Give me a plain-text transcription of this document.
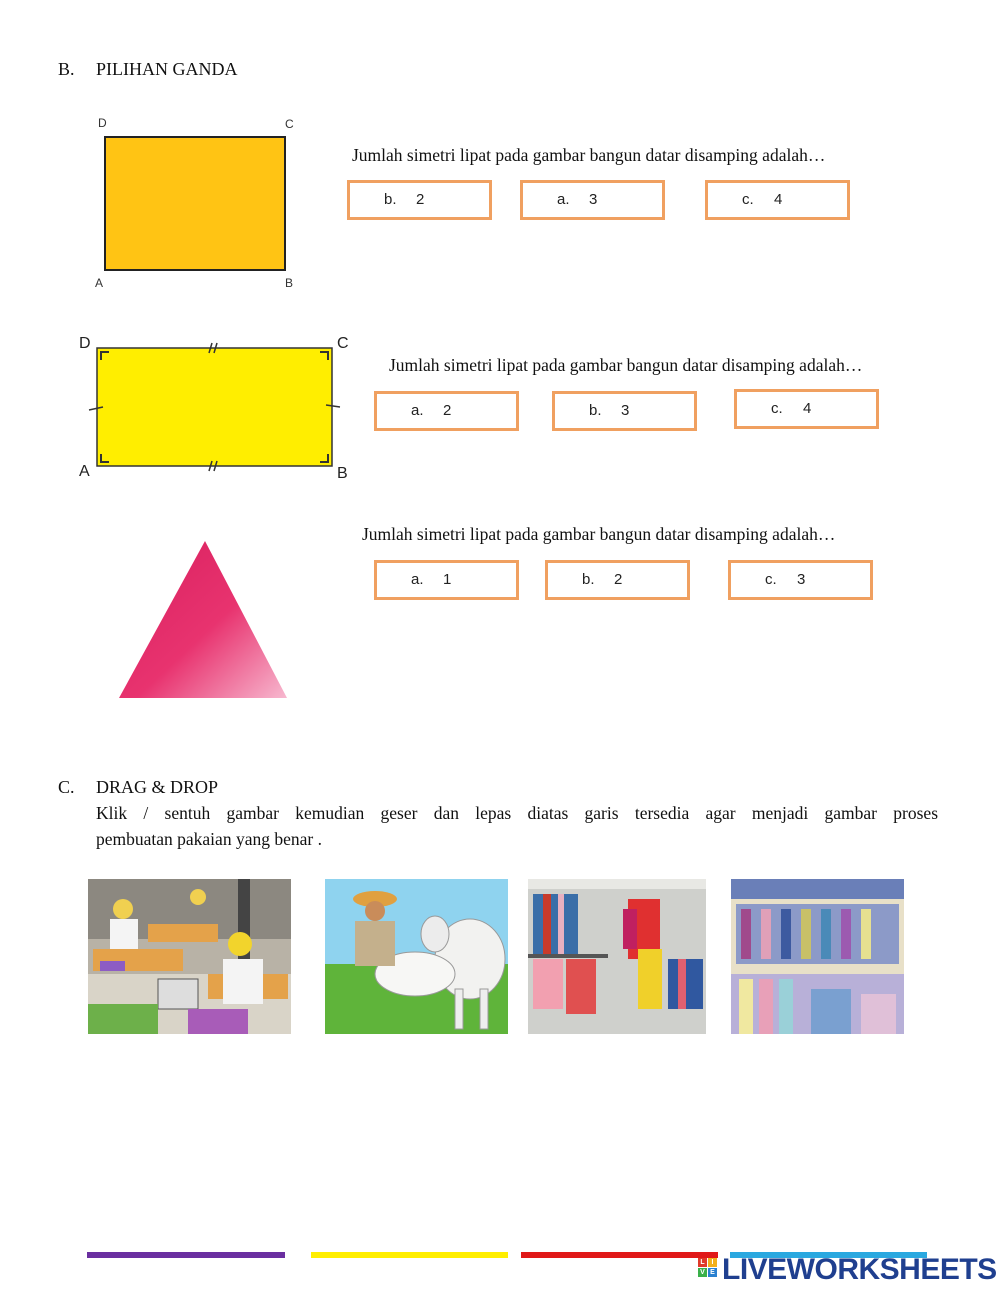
B. PILIHAN GANDA
D	C
A	B
Jumlah simetri lipat pada gambar bangun datar disamping adalah…
b. 2	a. 3	c. 4
D	C
A	B
Jumlah simetri lipat pada gambar bangun datar disamping adalah…
a. 2	b. 3	c. 4
Jumlah simetri lipat pada gambar bangun datar disamping adalah…
a. 1	b. 2	c. 3
C. DRAG & DROP
Klik / sentuh gambar kemudian geser dan lepas diatas garis tersedia agar menjadi gambar proses
pembuatan pakaian yang benar .
L I
V E LIVEWORKSHEETS
